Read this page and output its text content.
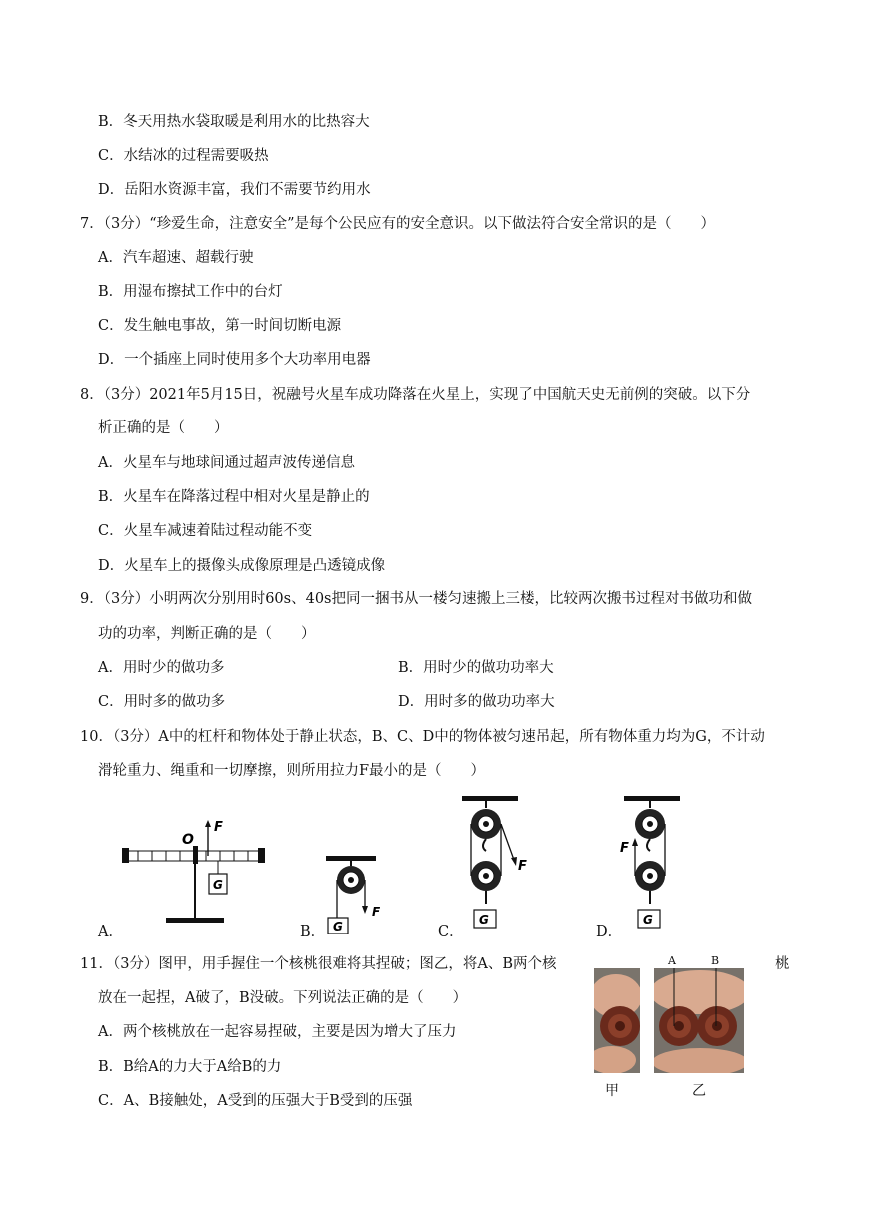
B．冬天用热水袋取暖是利用水的比热容大
C．水结冰的过程需要吸热
D．岳阳水资源丰富，我们不需要节约用水
7．（3分）“珍爱生命，注意安全”是每个公民应有的安全意识。以下做法符合安全常识的是（　　）
A．汽车超速、超载行驶
B．用湿布擦拭工作中的台灯
C．发生触电事故，第一时间切断电源
D．一个插座上同时使用多个大功率用电器
8．（3分）2021年5月15日，祝融号火星车成功降落在火星上，实现了中国航天史无前例的突破。以下分
析正确的是（　　）
A．火星车与地球间通过超声波传递信息
B．火星车在降落过程中相对火星是静止的
C．火星车减速着陆过程动能不变
D．火星车上的摄像头成像原理是凸透镜成像
9．（3分）小明两次分别用时60s、40s把同一捆书从一楼匀速搬上三楼，比较两次搬书过程对书做功和做
功的功率，判断正确的是（　　）
A．用时少的做功多	B．用时少的做功功率大
C．用时多的做功多	D．用时多的做功功率大
10．（3分）A中的杠杆和物体处于静止状态，B、C、D中的物体被匀速吊起，所有物体重力均为G，不计动
滑轮重力、绳重和一切摩擦，则所用拉力F最小的是（　　）
A．	B．	C．	D．
O
F
G
G
F
G
F
G
F
11．（3分）图甲，用手握住一个核桃很难将其捏破；图乙，将A、B两个核	桃
放在一起捏，A破了，B没破。下列说法正确的是（　　）
A．两个核桃放在一起容易捏破，主要是因为增大了压力
B．B给A的力大于A给B的力
C．A、B接触处，A受到的压强大于B受到的压强
甲
A	B
乙
